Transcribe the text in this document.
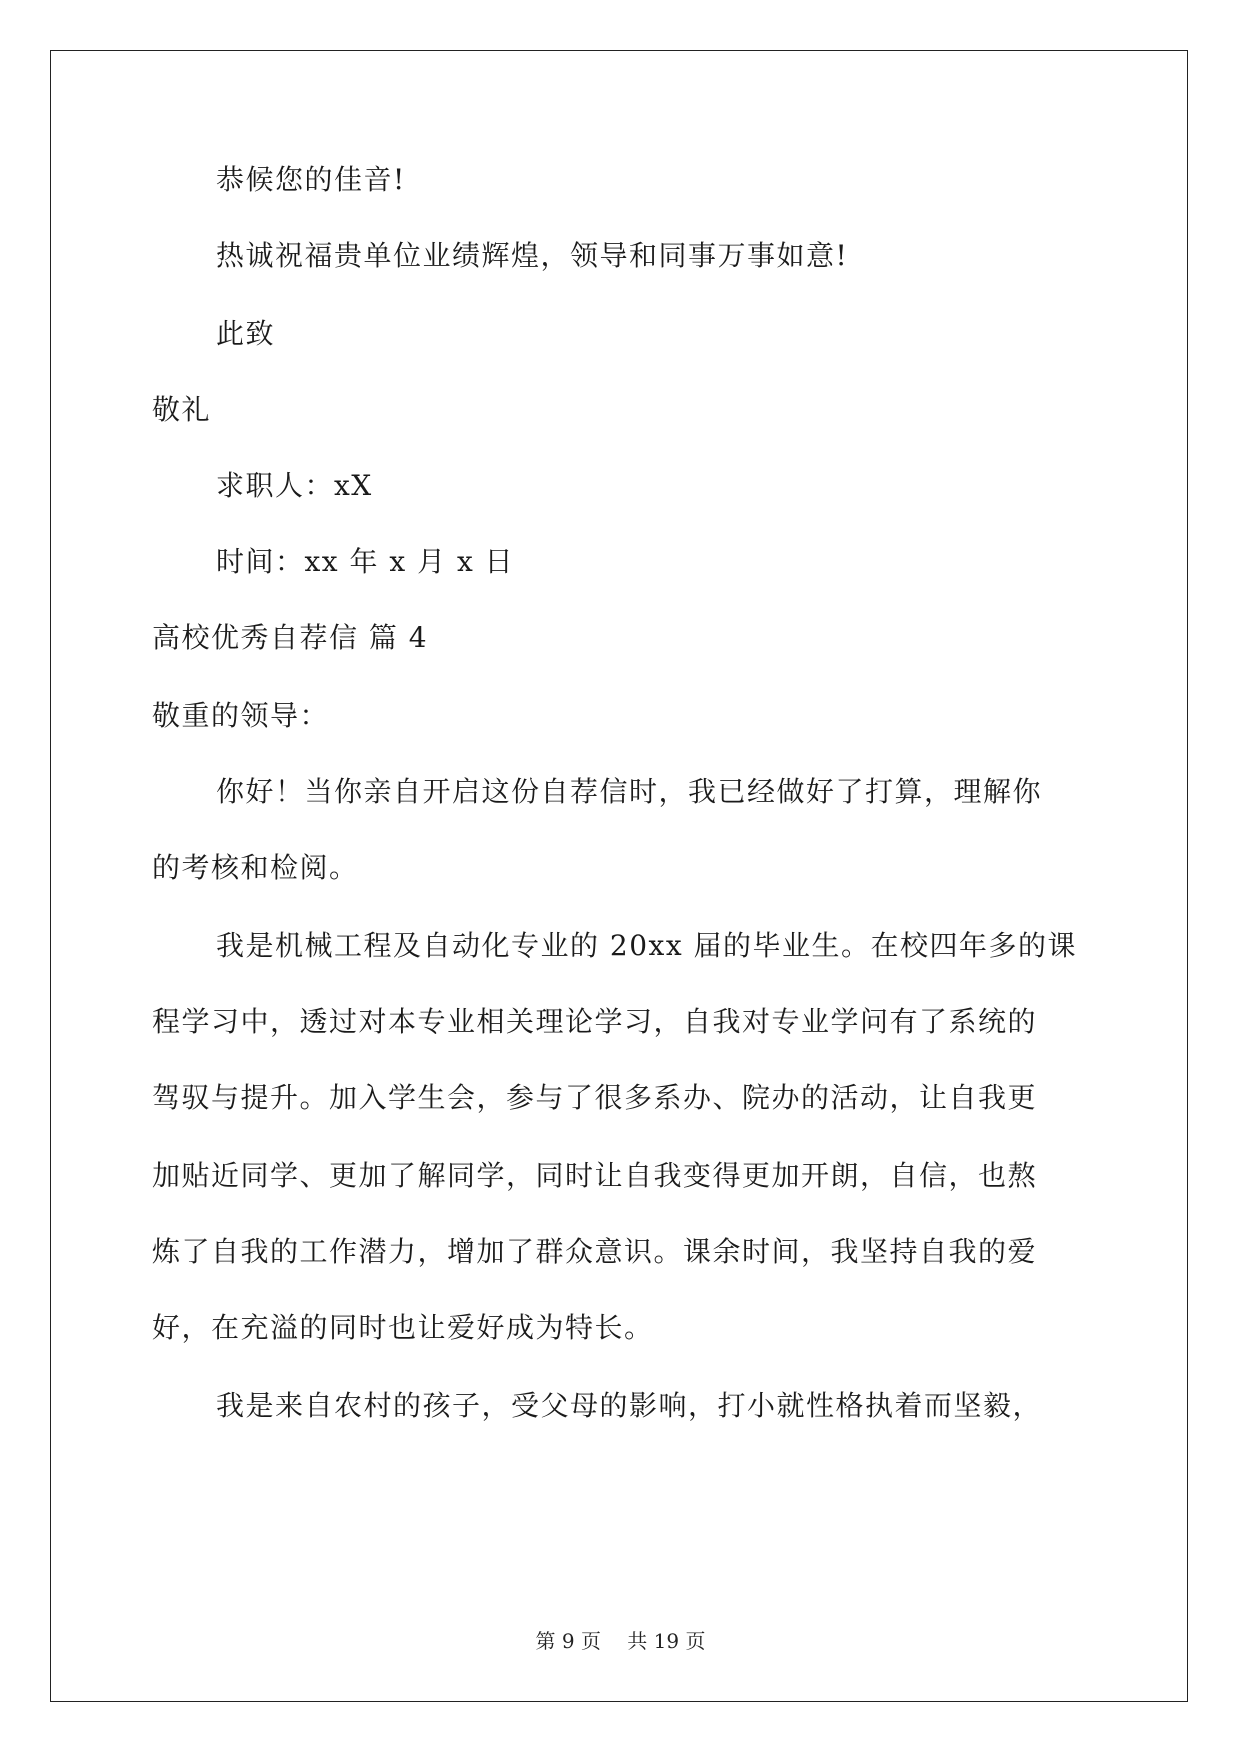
恭候您的佳音!
热诚祝福贵单位业绩辉煌，领导和同事万事如意!
此致
敬礼
求职人：xX
时间：xx 年 x 月 x 日
高校优秀自荐信 篇 4
敬重的领导：
你好！当你亲自开启这份自荐信时，我已经做好了打算，理解你
的考核和检阅。
我是机械工程及自动化专业的 20xx 届的毕业生。在校四年多的课
程学习中，透过对本专业相关理论学习，自我对专业学问有了系统的
驾驭与提升。加入学生会，参与了很多系办、院办的活动，让自我更
加贴近同学、更加了解同学，同时让自我变得更加开朗，自信，也熬
炼了自我的工作潜力，增加了群众意识。课余时间，我坚持自我的爱
好，在充溢的同时也让爱好成为特长。
我是来自农村的孩子，受父母的影响，打小就性格执着而坚毅，
第 9 页　 共 19 页
